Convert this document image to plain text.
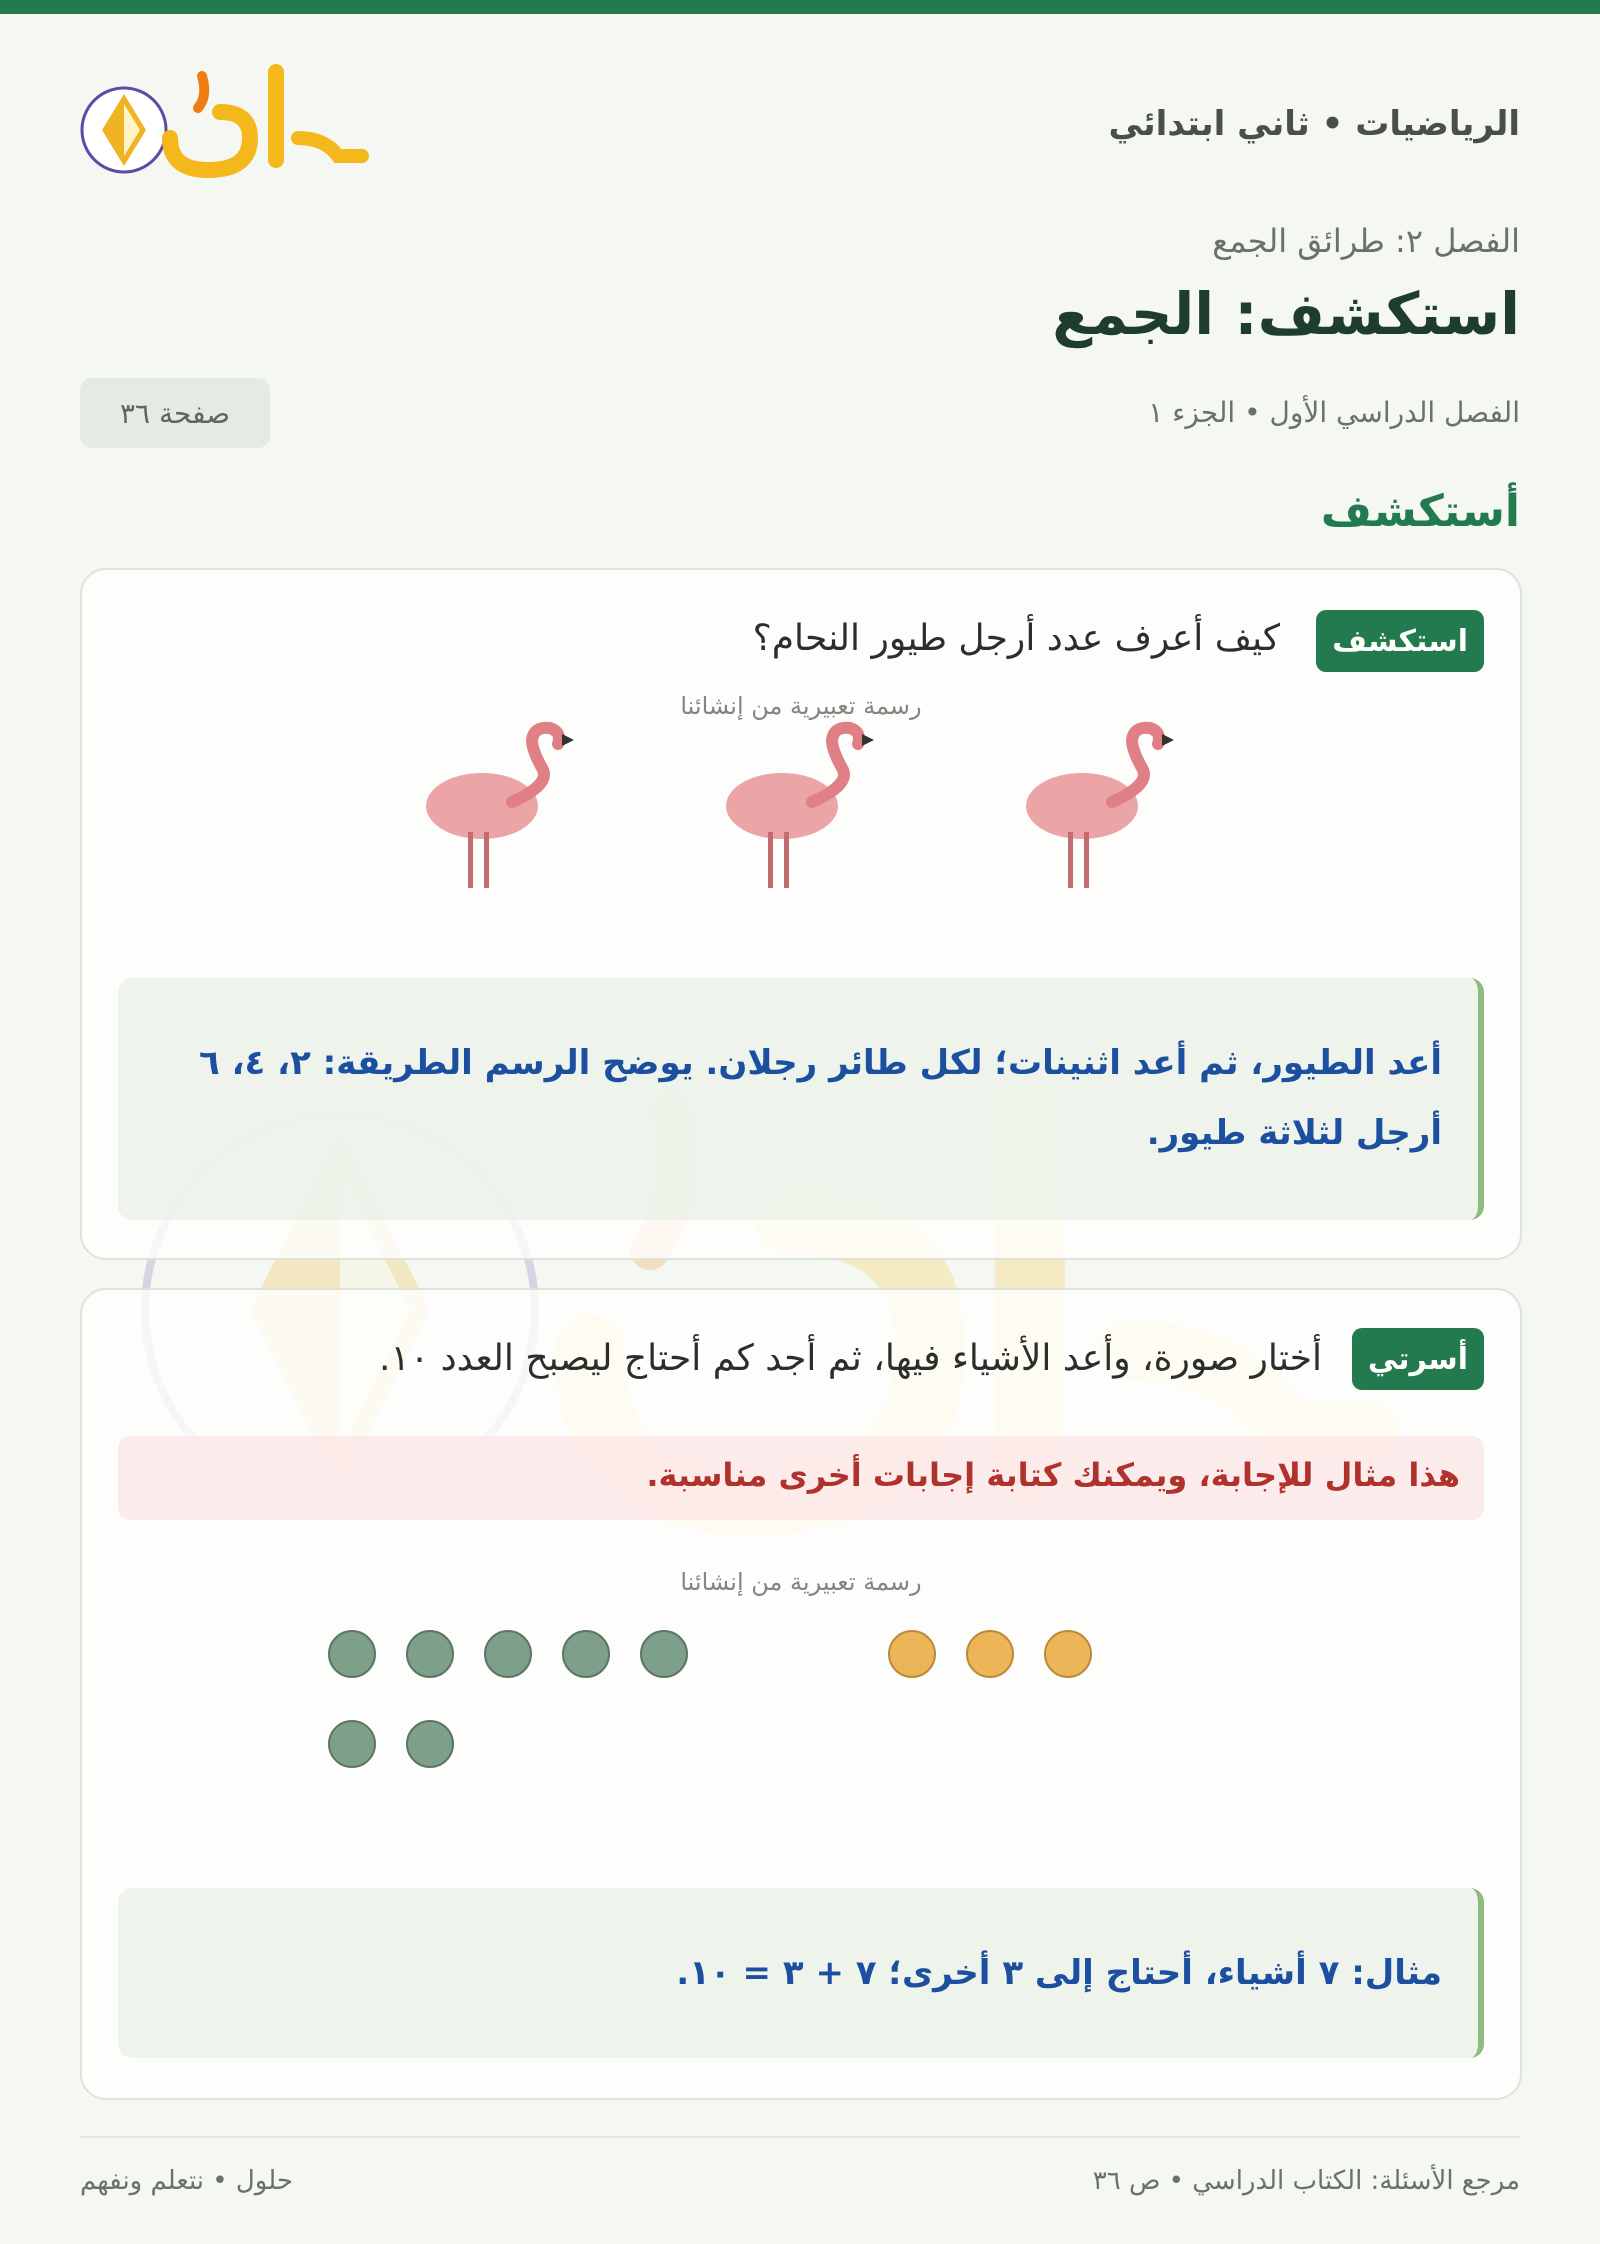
الرياضيات • ثاني ابتدائي
الفصل ٢: طرائق الجمع
استكشف: الجمع
الفصل الدراسي الأول • الجزء ١
صفحة ٣٦
أستكشف
استكشف
كيف أعرف عدد أرجل طيور النحام؟
رسمة تعبيرية من إنشائنا
أعد الطيور، ثم أعد اثنينات؛ لكل طائر رجلان. يوضح الرسم الطريقة: ٢، ٤، ٦
أرجل لثلاثة طيور.
أسرتي
أختار صورة، وأعد الأشياء فيها، ثم أجد كم أحتاج ليصبح العدد ١٠.
هذا مثال للإجابة، ويمكنك كتابة إجابات أخرى مناسبة.
رسمة تعبيرية من إنشائنا
مثال: ٧ أشياء، أحتاج إلى ٣ أخرى؛ ٧ + ٣ = ١٠.
مرجع الأسئلة: الكتاب الدراسي • ص ٣٦
حلول • نتعلم ونفهم
